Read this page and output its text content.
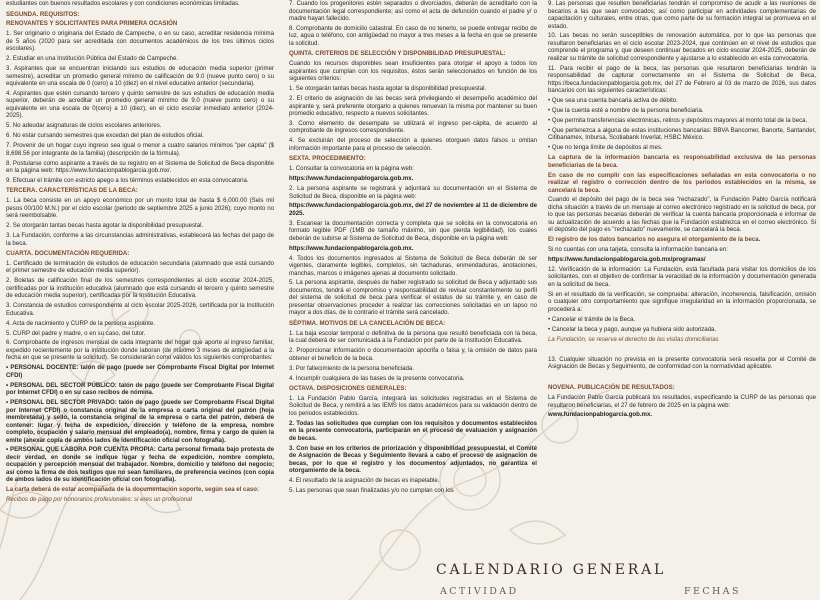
estudiantes con buenos resultados escolares y con condiciones económicas limitadas.

SEGUNDA. REQUISITOS:

RENOVANTES Y SOLICITANTES PARA PRIMERA OCASIÓN

1. Ser originario o originaria del Estado de Campeche, o en su caso, acreditar residencia mínima de 5 años (2020 para ser acreditada con documentos académicos de los tres últimos ciclos escolares).

2. Estudiar en una Institución Pública del Estado de Campeche.

3. Aspirantes que se encuentran iniciando sus estudios de educación media superior (primer semestre), acreditar un promedio general mínimo de calificación de 9.0 (nueve punto cero) o su equivalente en una escala de 0 (cero) a 10 (diez) en el nivel educativo anterior (secundaria).

4. Aspirantes que estén cursando tercero y quinto semestre de sus estudios de educación media superior, deberán de acreditar un promedio general mínimo de 9.0 (nueve punto cero) o su equivalente en una escala de 0(cero) a 10 (diez), en el ciclo escolar inmediato anterior (2024-2025).

5. No adeudar asignaturas de ciclos escolares anteriores.

6. No estar cursando semestres que excedan del plan de estudios oficial.

7. Provenir de un hogar cuyo ingreso sea igual o menor a cuatro salarios mínimos "per cápita" ($ 8,698.56 por integrante de la familia) (descripción de la fórmula).

8. Postularse como aspirante a través de su registro en el Sistema de Solicitud de Beca disponible en la página web: https://www.fundacionpablogarcia.gob.mx/.

9. Efectuar el trámite con estricto apego a los términos establecidos en esta convocatoria.

TERCERA. CARACTERÍSTICAS DE LA BECA:

1. La beca consiste en un apoyo económico por un monto total de hasta $ 6,000.00 (Seis mil pesos 00/100 M.N.) por el ciclo escolar (periodo de septiembre 2025 a junio 2026); cuyo monto no será reembolsable.

2. Se otorgarán tantas becas hasta agotar la disponibilidad presupuestal.

3. La Fundación, conforme a las circunstancias administrativas, establecerá las fechas del pago de la beca.

CUARTA. DOCUMENTACIÓN REQUERIDA:

1. Certificado de terminación de estudios de educación secundaria (alumnado que está cursando el primer semestre de educación media superior).

2. Boletas de calificación final de los semestres correspondientes al ciclo escolar 2024-2025, certificadas por la institución educativa (alumnado que está cursando el tercero y quinto semestre de educación media superior), certificadas por la Institución Educativa.

3. Constancia de estudios correspondiente al ciclo escolar 2025-2026, certificada por la Institución Educativa.

4. Acta de nacimiento y CURP de la persona aspirante.

5. CURP del padre y madre, o en su caso, del tutor.

6. Comprobante de ingresos mensual de cada integrante del hogar que aporte al ingreso familiar, expedido recientemente por la institución donde laboran (de máximo 3 meses de antigüedad a la fecha en que se presente la solicitud). Se considerarán como válidos los siguientes comprobantes:

• PERSONAL DOCENTE: talón de pago (puede ser Comprobante Fiscal Digital por Internet CFDI)

• PERSONAL DEL SECTOR PÚBLICO: talón de pago (puede ser Comprobante Fiscal Digital por Internet CFDI) o en su caso recibos de nómina.

• PERSONAL DEL SECTOR PRIVADO: talón de pago (puede ser Comprobante Fiscal Digital por Internet CFDI) o constancia original de la empresa o carta original del patrón (hoja membretada) y sello, la constancia original de la empresa o carta del patrón, deberá de contener: lugar y fecha de expedición, dirección y teléfono de la empresa, nombre completo, ocupación y salario mensual del empleado(a), nombre, firma y cargo de quien la emite (anexar copia de ambos lados de identificación oficial con fotografía).

• PERSONAL QUE LABORA POR CUENTA PROPIA: Carta personal firmada bajo protesta de decir verdad, en donde se indique lugar y fecha de expedición, nombre completo, ocupación y percepción mensual del trabajador. Nombre, domicilio y teléfono del negocio; así como la firma de dos testigos que no sean familiares, de preferencia vecinos (con copia de ambos lados de su identificación oficial con fotografía).

La carta deberá de estar acompañada de la documentación soporte, según sea el caso:

Recibos de pago por honorarios profesionales: si eres un profesional

7. Cuando los progenitores estén separados o divorciados, deberán de acreditarlo con la documentación legal correspondiente; así como el acta de defunción cuando el padre y/ o madre hayan fallecido.

8. Comprobante de domicilio catastral. En caso de no tenerlo, se puede entregar recibo de luz, agua o teléfono, con antigüedad no mayor a tres meses a la fecha en que se presente la solicitud.

QUINTA. CRITERIOS DE SELECCIÓN Y DISPONIBILIDAD PRESUPUESTAL:

Cuando los recursos disponibles sean insuficientes para otorgar el apoyo a todos los aspirantes que cumplan con los requisitos, éstos serán seleccionados en función de los siguientes criterios:

1. Se otorgarán tantas becas hasta agotar la disponibilidad presupuestal.

2. El criterio de asignación de las becas será privilegiando el desempeño académico del aspirante y, será preferente otorgarlo a quienes renuevan la misma por mantener su buen promedio educativo, respecto a nuevos solicitantes.

3. Como elemento de desempate se utilizará el ingreso per-cápita, de acuerdo al comprobante de ingresos correspondiente.

4. Se excluirán del proceso de selección a quienes otorguen datos falsos u omitan información importante para el proceso de selección.

SEXTA. PROCEDIMIENTO:

1. Consultar la convocatoria en la página web:

https://www.fundacionpablogarcia.gob.mx.

2. La persona aspirante se registrará y adjuntará su documentación en el Sistema de Solicitud de Beca, disponible en la página web:

https://www.fundacionpablogarcia.gob.mx, del 27 de noviembre al 11 de diciembre de 2025.

3. Escanear la documentación correcta y completa que se solicita en la convocatoria en formato legible PDF (1MB de tamaño máximo, sin que pierda legibilidad), los cuales deberán de subirse al Sistema de Solicitud de Beca, disponible en la página web:

https://www.fundacionpablogarcia.gob.mx.

4. Todos los documentos ingresados al Sistema de Solicitud de Beca deberán de ser vigentes, claramente legibles, completos, sin tachaduras, enmendaduras, anotaciones, manchas, marcos o imágenes ajenas al documento solicitado.

5. La persona aspirante, después de haber registrado su solicitud de Beca y adjuntado sus documentos, tendrá el compromiso y responsabilidad de revisar constantemente su perfil del sistema de solicitud de beca para verificar el estatus de su trámite y, en caso de presentar observaciones proceder a realizar las correcciones solicitadas en un lapso no mayor a dos días, de lo contrario el trámite será cancelado.

SÉPTIMA. MOTIVOS DE LA CANCELACIÓN DE BECA:

1. La baja escolar temporal o definitiva de la persona que resultó beneficiada con la beca, la cual deberá de ser comunicada a la Fundación por parte de la Institución Educativa.

2. Proporcionar información o documentación apócrifa o falsa y, la omisión de datos para obtener el beneficio de la beca.

3. Por fallecimiento de la persona beneficiada.

4. Incumplir cualquiera de las bases de la presente convocatoria.

OCTAVA. DISPOSICIONES GENERALES:

1. La Fundación Pablo García, integrará las solicitudes registradas en el Sistema de Solicitud de Beca, y remitirá a las IEMS los datos académicos para su validación dentro de los periodos establecidos.

2. Todas las solicitudes que cumplan con los requisitos y documentos establecidos en la presente convocatoria, participarán en el proceso de evaluación y asignación de becas.

3. Con base en los criterios de priorización y disponibilidad presupuestal, el Comité de Asignación de Becas y Seguimiento llevará a cabo el proceso de asignación de becas, por lo que el registro y los documentos adjuntados, no garantiza el otorgamiento de la beca.

4. El resultado de la asignación de becas es inapelable.

5. Las personas que sean finalizadas y/o no cumplan con los

9. Las personas que resulten beneficiarias tendrán el compromiso de acudir a las reuniones de becarios a las que sean convocados; así como participar en actividades complementarias de capacitación y culturales, entre otras, que como parte de su formación integral se promueva en el estado.

10. Las becas no serán susceptibles de renovación automática, por lo que las personas que resultaron beneficiarias en el ciclo escolar 2023-2024, que continúen en el nivel de estudios que comprende el programa y, que deseen continuar becados en ciclo escolar 2024-2025, deberán de realizar su trámite de solicitud correspondiente y ajustarse a lo establecido en esta convocatoria.

11. Para recibir el pago de la beca, las personas que resultaron beneficiarias tendrán la responsabilidad de capturar correctamente en el Sistema de Solicitud de Beca, https://beca.fundacionpablogarcia.gob.mx, del 27 de Febrero al 03 de marzo de 2026, sus datos bancarios con las siguientes características:

• Que sea una cuenta bancaria activa de débito.

• Que la cuenta esté a nombre de la persona beneficiaria.

• Que permita transferencias electrónicas, retiros y depósitos mayores al monto total de la beca.

• Que pertenezca a alguna de estas instituciones bancarias: BBVA Bancomer, Banorte, Santander, Citibanamex, Inbursa, Scotiabank Inverlat, HSBC México.

• Que no tenga límite de depósitos al mes.

La captura de la información bancaria es responsabilidad exclusiva de las personas beneficiarias de la beca.

En caso de no cumplir con las especificaciones señaladas en esta convocatoria o no realizar el registro o corrección dentro de los periodos establecidos en la misma, se cancelará la beca.

Cuando el depósito del pago de la beca sea "rechazado", la Fundación Pablo García notificará dicha situación a través de un mensaje al correo electrónico registrado en la solicitud de beca, por lo que las personas becarias deberán de verificar la cuenta bancaria proporcionada e informar de su actualización de acuerdo a las fechas que la Fundación establezca en el correo electrónico. Si el depósito del pago es "rechazado" nuevamente, se cancelará la beca.

El registro de los datos bancarios no asegura el otorgamiento de la beca.

Si no cuentas con una tarjeta, consulta la información bancaria en:

https://www.fundacionpablogarcia.gob.mx/programas/

12. Verificación de la información: La Fundación, está facultada para visitar los domicilios de los solicitantes, con el objetivo de confirmar la veracidad de la información y documentación generada en la solicitud de beca.

Si en el resultado de la verificación, se comprueba: alteración, incoherencia, falsificación, omisión o cualquier otro comportamiento que signifique irregularidad en la información proporcionada, se procederá a:

• Cancelar el trámite de la Beca.

• Cancelar la beca y pago, aunque ya hubiera sido autorizada.

La Fundación, se reserva el derecho de las visitas domiciliarias

13. Cualquier situación no prevista en la presente convocatoria será resuelta por el Comité de Asignación de Becas y Seguimiento, de conformidad con la normatividad aplicable.

NOVENA. PUBLICACIÓN DE RESULTADOS:

La Fundación Pablo García publicará los resultados, especificando la CURP de las personas que resultaron beneficiarias, el 27 de febrero de 2025 en la página web:

www.fundacionpablogarcia.gob.mx.

CALENDARIO GENERAL
ACTIVIDAD	FECHAS
